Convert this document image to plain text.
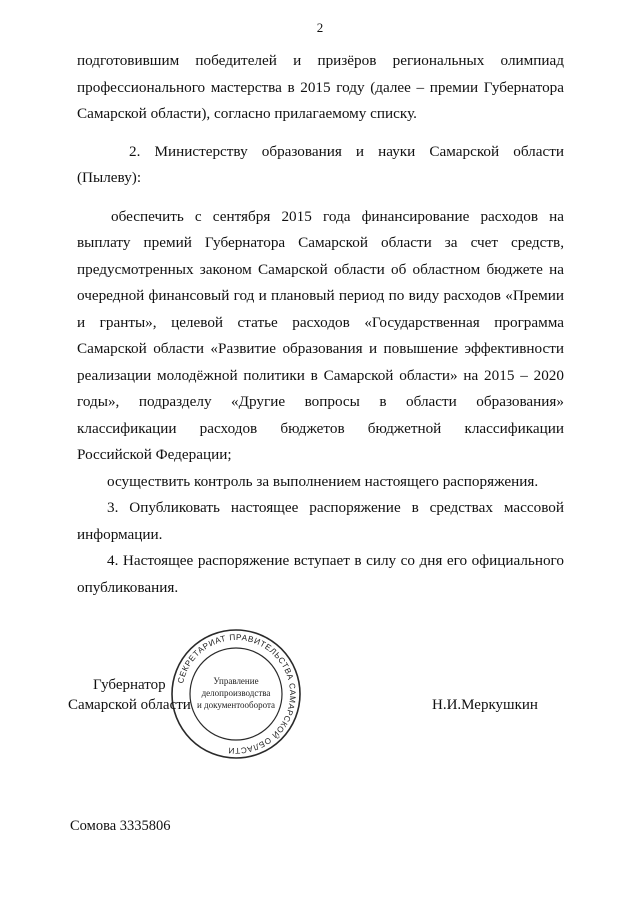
2

подготовившим победителей и призёров региональных олимпиад профессионального мастерства в 2015 году (далее – премии Губернатора Самарской области), согласно прилагаемому списку.

2. Министерству образования и науки Самарской области (Пылеву):

обеспечить с сентября 2015 года финансирование расходов на выплату премий Губернатора Самарской области за счет средств, предусмотренных законом Самарской области об областном бюджете на очередной финансовый год и плановый период по виду расходов «Премии и гранты», целевой статье расходов «Государственная программа Самарской области «Развитие образования и повышение эффективности реализации молодёжной политики в Самарской области» на 2015 – 2020 годы», подразделу «Другие вопросы в области образования» классификации расходов бюджетов бюджетной классификации Российской Федерации;

осуществить контроль за выполнением настоящего распоряжения.

3. Опубликовать настоящее распоряжение в средствах массовой информации.

4. Настоящее распоряжение вступает в силу со дня его официального опубликования.

СЕКРЕТАРИАТ ПРАВИТЕЛЬСТВА САМАРСКОЙ ОБЛАСТИ
Управление
делопроизводства
и документооборота
Губернатор
Самарской области	Н.И.Меркушкин
Сомова 3335806
